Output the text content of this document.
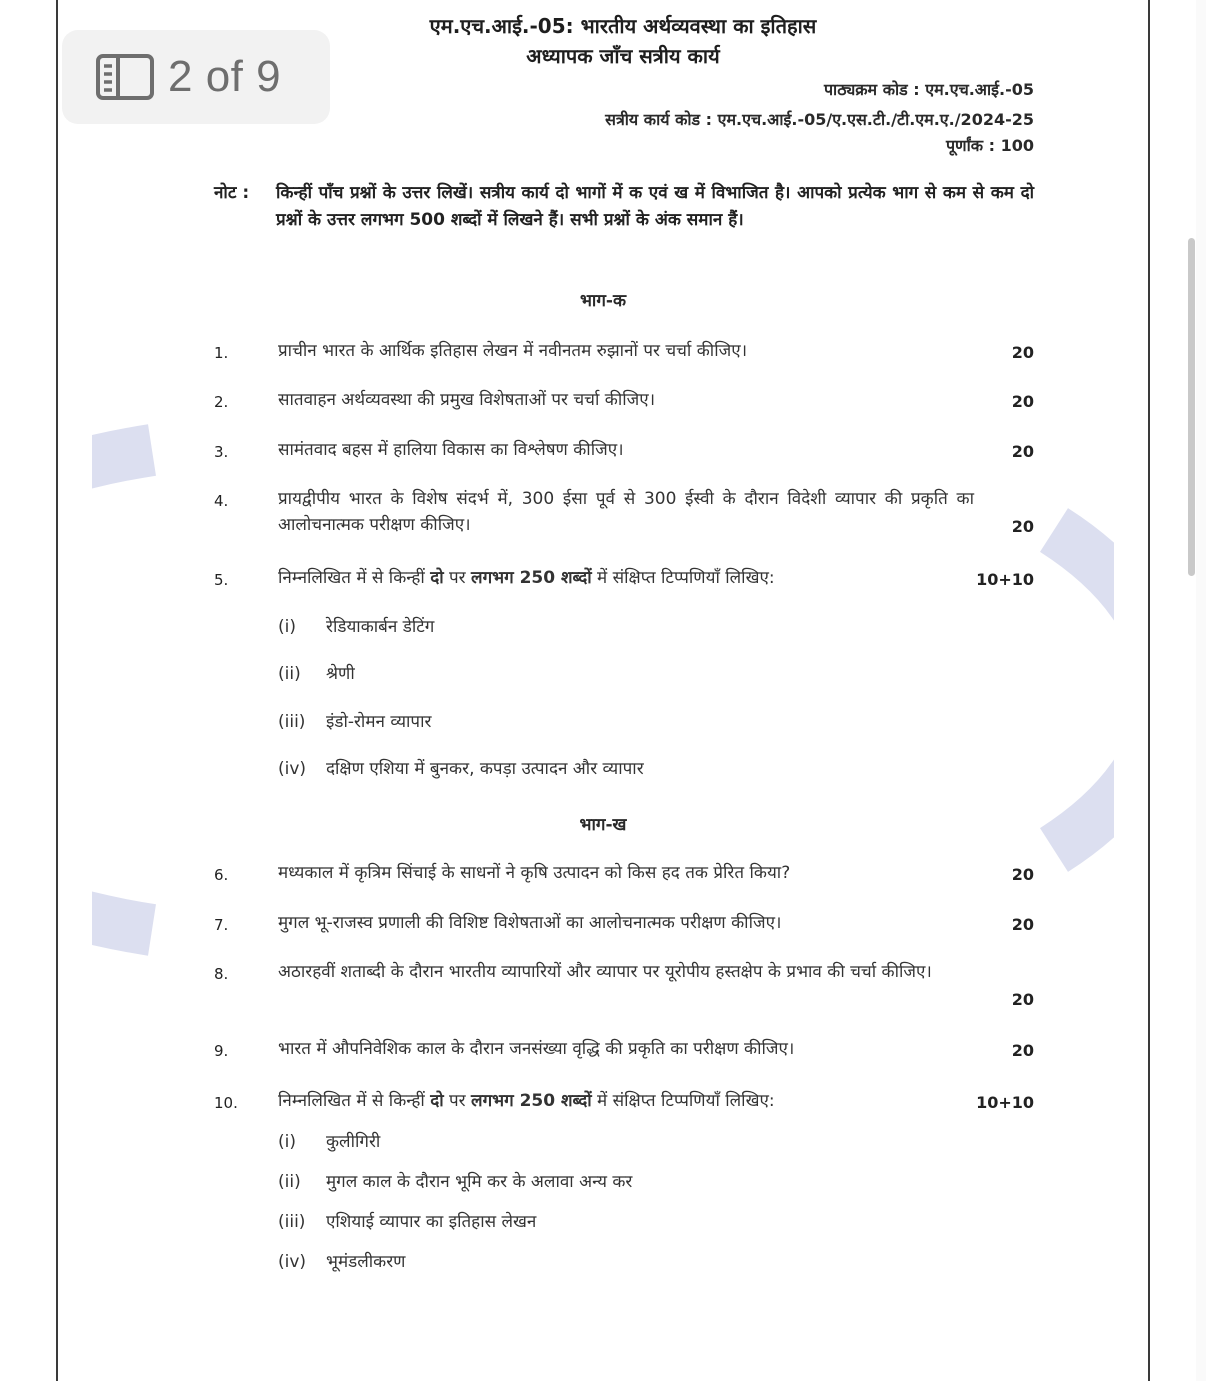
2 of 9
एम.एच.आई.-05: भारतीय अर्थव्यवस्था का इतिहास
अध्यापक जाँच सत्रीय कार्य
पाठ्यक्रम कोड : एम.एच.आई.-05
सत्रीय कार्य कोड : एम.एच.आई.-05/ए.एस.टी./टी.एम.ए./2024-25
पूर्णांक : 100
नोट : किन्हीं पाँच प्रश्नों के उत्तर लिखें। सत्रीय कार्य दो भागों में क एवं ख में विभाजित है। आपको प्रत्येक भाग से कम से कम दो प्रश्नों के उत्तर लगभग 500 शब्दों में लिखने हैं। सभी प्रश्नों के अंक समान हैं।
भाग-क
1.	प्राचीन भारत के आर्थिक इतिहास लेखन में नवीनतम रुझानों पर चर्चा कीजिए।	20
2.	सातवाहन अर्थव्यवस्था की प्रमुख विशेषताओं पर चर्चा कीजिए।	20
3.	सामंतवाद बहस में हालिया विकास का विश्लेषण कीजिए।	20
4.	प्रायद्वीपीय भारत के विशेष संदर्भ में, 300 ईसा पूर्व से 300 ईस्वी के दौरान विदेशी व्यापार की प्रकृति का आलोचनात्मक परीक्षण कीजिए।	20
5.	निम्नलिखित में से किन्हीं दो पर लगभग 250 शब्दों में संक्षिप्त टिप्पणियाँ लिखिए:	10+10
(i) रेडियाकार्बन डेटिंग
(ii) श्रेणी
(iii) इंडो-रोमन व्यापार
(iv) दक्षिण एशिया में बुनकर, कपड़ा उत्पादन और व्यापार
भाग-ख
6.	मध्यकाल में कृत्रिम सिंचाई के साधनों ने कृषि उत्पादन को किस हद तक प्रेरित किया?	20
7.	मुगल भू-राजस्व प्रणाली की विशिष्ट विशेषताओं का आलोचनात्मक परीक्षण कीजिए।	20
8.	अठारहवीं शताब्दी के दौरान भारतीय व्यापारियों और व्यापार पर यूरोपीय हस्तक्षेप के प्रभाव की चर्चा कीजिए।
20
9.	भारत में औपनिवेशिक काल के दौरान जनसंख्या वृद्धि की प्रकृति का परीक्षण कीजिए।	20
10. निम्नलिखित में से किन्हीं दो पर लगभग 250 शब्दों में संक्षिप्त टिप्पणियाँ लिखिए:	10+10
(i) कुलीगिरी
(ii) मुगल काल के दौरान भूमि कर के अलावा अन्य कर
(iii) एशियाई व्यापार का इतिहास लेखन
(iv) भूमंडलीकरण
